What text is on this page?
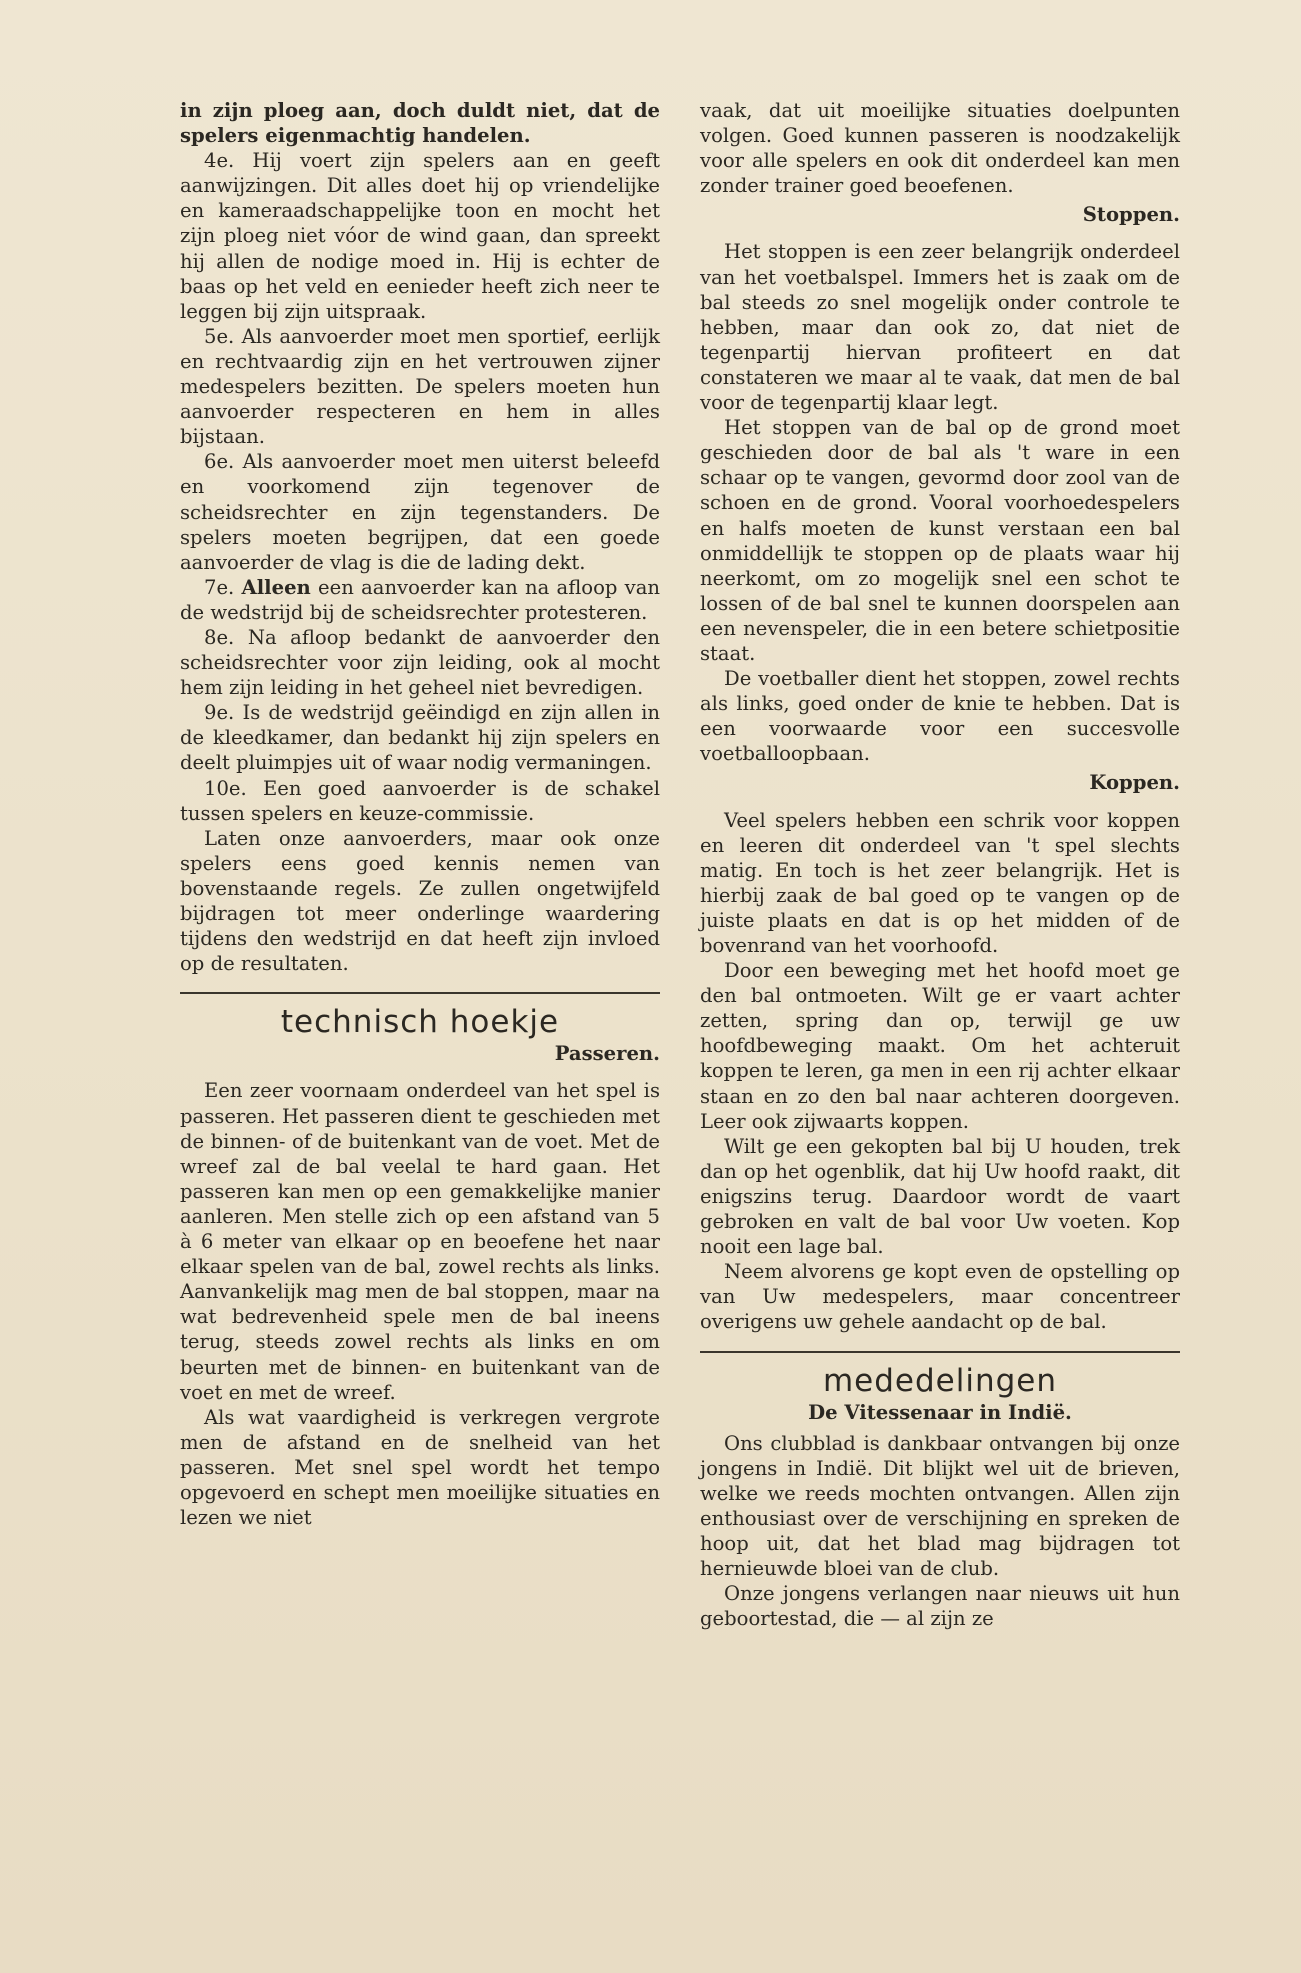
in zijn ploeg aan, doch duldt niet, dat de spelers eigenmachtig handelen.

4e. Hij voert zijn spelers aan en geeft aanwijzingen. Dit alles doet hij op vriendelijke en kameraadschappelijke toon en mocht het zijn ploeg niet vóor de wind gaan, dan spreekt hij allen de nodige moed in. Hij is echter de baas op het veld en eenieder heeft zich neer te leggen bij zijn uitspraak.

5e. Als aanvoerder moet men sportief, eerlijk en rechtvaardig zijn en het vertrouwen zijner medespelers bezitten. De spelers moeten hun aanvoerder respecteren en hem in alles bijstaan.

6e. Als aanvoerder moet men uiterst beleefd en voorkomend zijn tegenover de scheidsrechter en zijn tegenstanders. De spelers moeten begrijpen, dat een goede aanvoerder de vlag is die de lading dekt.

7e. Alleen een aanvoerder kan na afloop van de wedstrijd bij de scheidsrechter protesteren.

8e. Na afloop bedankt de aanvoerder den scheidsrechter voor zijn leiding, ook al mocht hem zijn leiding in het geheel niet bevredigen.

9e. Is de wedstrijd geëindigd en zijn allen in de kleedkamer, dan bedankt hij zijn spelers en deelt pluimpjes uit of waar nodig vermaningen.

10e. Een goed aanvoerder is de schakel tussen spelers en keuze-commissie.

Laten onze aanvoerders, maar ook onze spelers eens goed kennis nemen van bovenstaande regels. Ze zullen ongetwijfeld bijdragen tot meer onderlinge waardering tijdens den wedstrijd en dat heeft zijn invloed op de resultaten.

technisch hoekje
Passeren.

Een zeer voornaam onderdeel van het spel is passeren. Het passeren dient te geschieden met de binnen- of de buitenkant van de voet. Met de wreef zal de bal veelal te hard gaan. Het passeren kan men op een gemakkelijke manier aanleren. Men stelle zich op een afstand van 5 à 6 meter van elkaar op en beoefene het naar elkaar spelen van de bal, zowel rechts als links. Aanvankelijk mag men de bal stoppen, maar na wat bedrevenheid spele men de bal ineens terug, steeds zowel rechts als links en om beurten met de binnen- en buitenkant van de voet en met de wreef.

Als wat vaardigheid is verkregen vergrote men de afstand en de snelheid van het passeren. Met snel spel wordt het tempo opgevoerd en schept men moeilijke situaties en lezen we niet

vaak, dat uit moeilijke situaties doelpunten volgen. Goed kunnen passeren is noodzakelijk voor alle spelers en ook dit onderdeel kan men zonder trainer goed beoefenen.

Stoppen.

Het stoppen is een zeer belangrijk onderdeel van het voetbalspel. Immers het is zaak om de bal steeds zo snel mogelijk onder controle te hebben, maar dan ook zo, dat niet de tegenpartij hiervan profiteert en dat constateren we maar al te vaak, dat men de bal voor de tegenpartij klaar legt.

Het stoppen van de bal op de grond moet geschieden door de bal als 't ware in een schaar op te vangen, gevormd door zool van de schoen en de grond. Vooral voorhoedespelers en halfs moeten de kunst verstaan een bal onmiddellijk te stoppen op de plaats waar hij neerkomt, om zo mogelijk snel een schot te lossen of de bal snel te kunnen doorspelen aan een nevenspeler, die in een betere schietpositie staat.

De voetballer dient het stoppen, zowel rechts als links, goed onder de knie te hebben. Dat is een voorwaarde voor een succesvolle voetballoopbaan.

Koppen.

Veel spelers hebben een schrik voor koppen en leeren dit onderdeel van 't spel slechts matig. En toch is het zeer belangrijk. Het is hierbij zaak de bal goed op te vangen op de juiste plaats en dat is op het midden of de bovenrand van het voorhoofd.

Door een beweging met het hoofd moet ge den bal ontmoeten. Wilt ge er vaart achter zetten, spring dan op, terwijl ge uw hoofdbeweging maakt. Om het achteruit koppen te leren, ga men in een rij achter elkaar staan en zo den bal naar achteren doorgeven. Leer ook zijwaarts koppen.

Wilt ge een gekopten bal bij U houden, trek dan op het ogenblik, dat hij Uw hoofd raakt, dit enigszins terug. Daardoor wordt de vaart gebroken en valt de bal voor Uw voeten. Kop nooit een lage bal.

Neem alvorens ge kopt even de opstelling op van Uw medespelers, maar concentreer overigens uw gehele aandacht op de bal.

mededelingen
De Vitessenaar in Indië.

Ons clubblad is dankbaar ontvangen bij onze jongens in Indië. Dit blijkt wel uit de brieven, welke we reeds mochten ontvangen. Allen zijn enthousiast over de verschijning en spreken de hoop uit, dat het blad mag bijdragen tot hernieuwde bloei van de club.

Onze jongens verlangen naar nieuws uit hun geboortestad, die — al zijn ze
